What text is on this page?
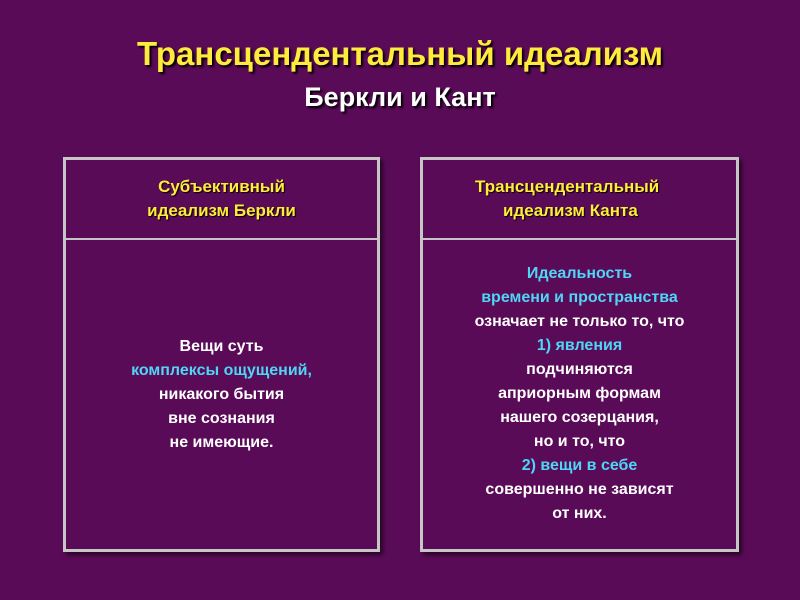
Трансцендентальный идеализм
Беркли и Кант
Субъективный
идеализм Беркли
Вещи суть
комплексы ощущений,
никакого бытия
вне сознания
не имеющие.
Трансцендентальный
идеализм Канта
Идеальность
времени и пространства
означает не только то, что
1) явления
подчиняются
априорным формам
нашего созерцания,
но и то, что
2) вещи в себе
совершенно не зависят
от них.
